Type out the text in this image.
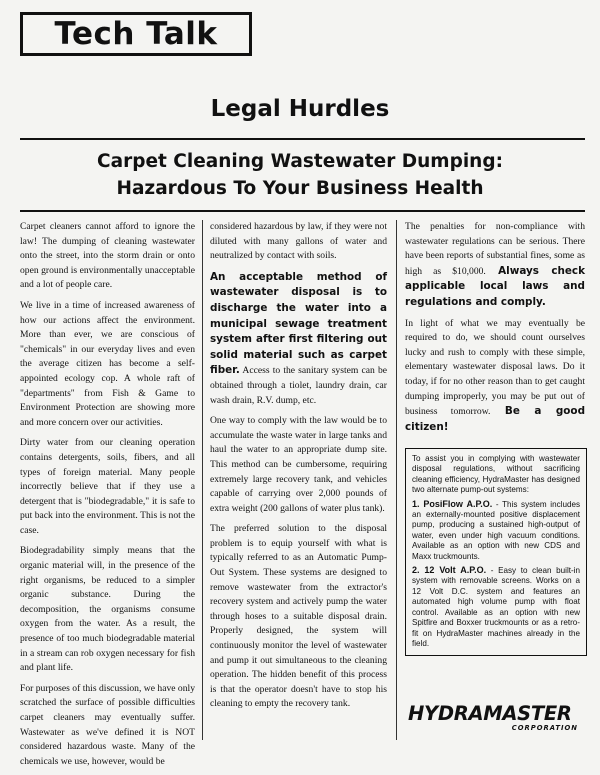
Tech Talk
Legal Hurdles
Carpet Cleaning Wastewater Dumping:
Hazardous To Your Business Health

Carpet cleaners cannot afford to ignore the law! The dumping of cleaning wastewater onto the street, into the storm drain or onto open ground is environmentally unacceptable and a lot of people care.

We live in a time of increased awareness of how our actions affect the environment. More than ever, we are conscious of "chemicals" in our everyday lives and even the average citizen has become a self-appointed ecology cop. A whole raft of "departments" from Fish & Game to Environment Protection are showing more and more concern over our activities.

Dirty water from our cleaning operation contains detergents, soils, fibers, and all types of foreign material. Many people incorrectly believe that if they use a detergent that is "biodegradable," it is safe to put back into the environment. This is not the case.

Biodegradability simply means that the organic material will, in the presence of the right organisms, be reduced to a simpler organic substance. During the decomposition, the organisms consume oxygen from the water. As a result, the presence of too much biodegradable material in a stream can rob oxygen necessary for fish and plant life.

For purposes of this discussion, we have only scratched the surface of possible difficulties carpet cleaners may eventually suffer. Wastewater as we've defined it is NOT considered hazardous waste. Many of the chemicals we use, however, would be

considered hazardous by law, if they were not diluted with many gallons of water and neutralized by contact with soils.

An acceptable method of wastewater disposal is to discharge the water into a municipal sewage treatment system after first filtering out solid material such as carpet fiber. Access to the sanitary system can be obtained through a tiolet, laundry drain, car wash drain, R.V. dump, etc.

One way to comply with the law would be to accumulate the waste water in large tanks and haul the water to an appropriate dump site. This method can be cumbersome, requiring extremely large recovery tank, and vehicles capable of carrying over 2,000 pounds of extra weight (200 gallons of water plus tank).

The preferred solution to the disposal problem is to equip yourself with what is typically referred to as an Automatic Pump-Out System. These systems are designed to remove wastewater from the extractor's recovery system and actively pump the water through hoses to a suitable disposal drain. Properly designed, the system will continuously monitor the level of wastewater and pump it out simultaneous to the cleaning operation. The hidden benefit of this process is that the operator doesn't have to stop his cleaning to empty the recovery tank.

The penalties for non-compliance with wastewater regulations can be serious. There have been reports of substantial fines, some as high as $10,000. Always check applicable local laws and regulations and comply.

In light of what we may eventually be required to do, we should count ourselves lucky and rush to comply with these simple, elementary wastewater disposal laws. Do it today, if for no other reason than to get caught dumping improperly, you may be put out of business tomorrow. Be a good citizen!

To assist you in complying with wastewater disposal regulations, without sacrificing cleaning efficiency, HydraMaster has designed two alternate pump-out systems:

1. PosiFlow A.P.O. - This system includes an externally-mounted positive displacement pump, producing a sustained high-output of water, even under high vacuum conditions. Available as an option with new CDS and Maxx truckmounts.

2. 12 Volt A.P.O. - Easy to clean built-in system with removable screens. Works on a 12 Volt D.C. system and features an automated high volume pump with float control. Available as an option with new Spitfire and Boxxer truckmounts or as a retro-fit on HydraMaster machines already in the field.

HYDRAMASTER
CORPORATION
